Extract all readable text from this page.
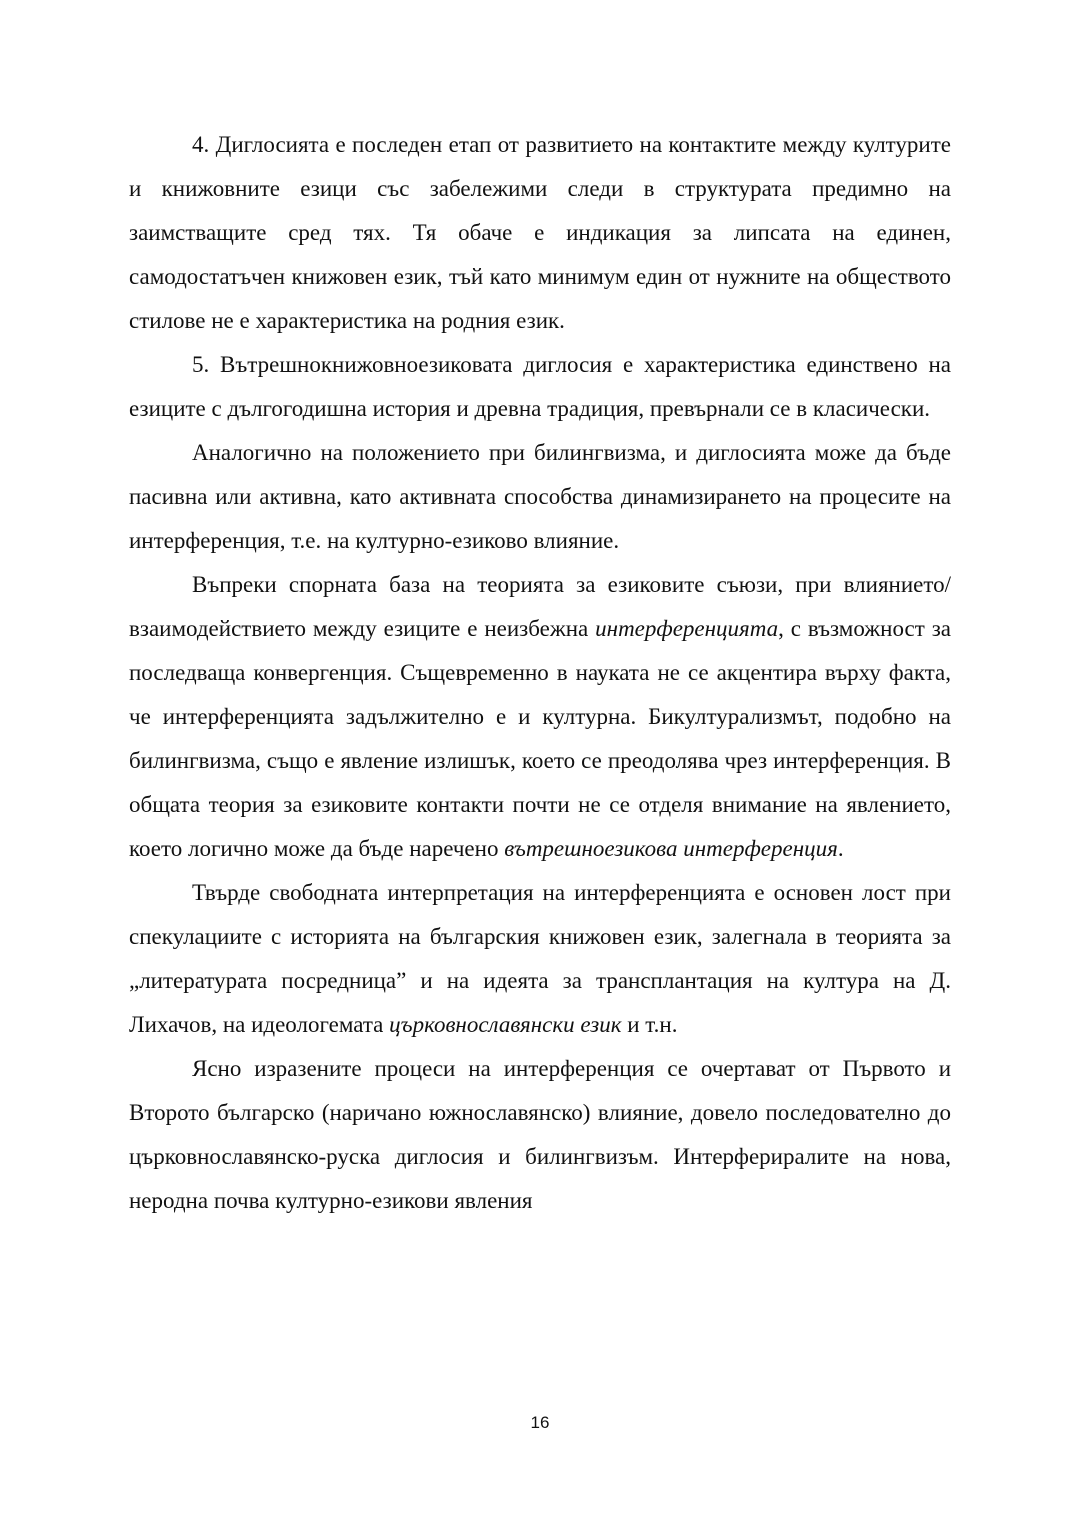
4. Диглосията е последен етап от развитието на контактите между културите и книжовните езици със забележими следи в структурата предимно на заимстващите сред тях. Тя обаче е индикация за липсата на единен, самодостатъчен книжовен език, тъй като минимум един от нужните на обществото стилове не е характеристика на родния език.

5. Вътрешнокнижовноезиковата диглосия е характеристика единствено на езиците с дългогодишна история и древна традиция, превърнали се в класически.

Аналогично на положението при билингвизма, и диглосията може да бъде пасивна или активна, като активната способства динамизирането на процесите на интерференция, т.е. на културно-езиково влияние.

Въпреки спорната база на теорията за езиковите съюзи, при влиянието/взаимодействието между езиците е неизбежна интерференцията, с възможност за последваща конвергенция. Същевременно в науката не се акцентира върху факта, че интерференцията задължително е и културна. Бикултурализмът, подобно на билингвизма, също е явление излишък, което се преодолява чрез интерференция. В общата теория за езиковите контакти почти не се отделя внимание на явлението, което логично може да бъде наречено вътрешноезикова интерференция.

Твърде свободната интерпретация на интерференцията е основен лост при спекулациите с историята на българския книжовен език, залегнала в теорията за „литературата посредница” и на идеята за трансплантация на култура на Д. Лихачов, на идеологемата църковнославянски език и т.н.

Ясно изразените процеси на интерференция се очертават от Първото и Второто българско (наричано южнославянско) влияние, довело последователно до църковнославянско-руска диглосия и билингвизъм. Интерфериралите на нова, неродна почва културно-езикови явления

16
